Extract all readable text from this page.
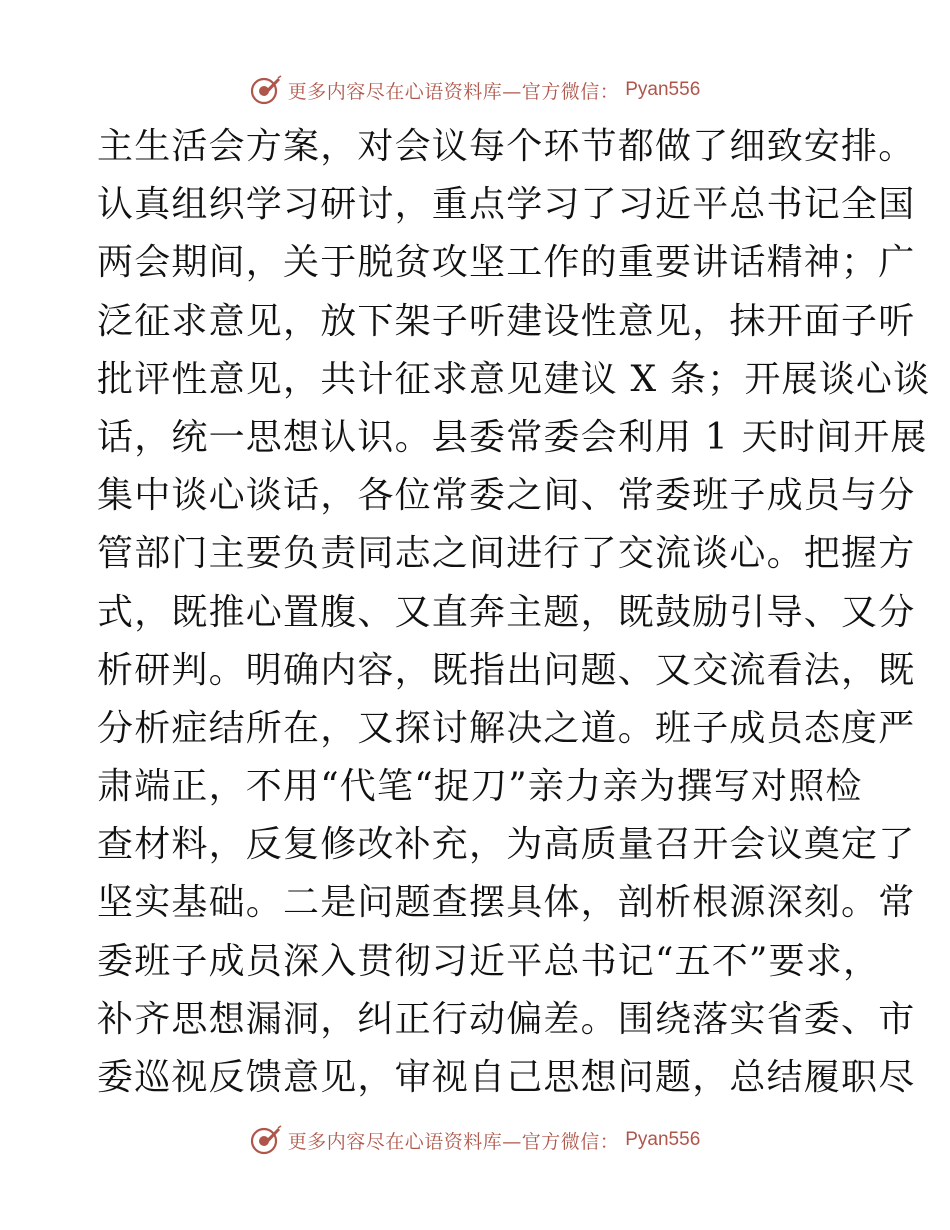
更多内容尽在心语资料库—官方微信： Pyan556
主生活会方案，对会议每个环节都做了细致安排。
认真组织学习研讨，重点学习了习近平总书记全国
两会期间，关于脱贫攻坚工作的重要讲话精神；广
泛征求意见，放下架子听建设性意见，抹开面子听
批评性意见，共计征求意见建议 X 条；开展谈心谈
话，统一思想认识。县委常委会利用 1 天时间开展
集中谈心谈话，各位常委之间、常委班子成员与分
管部门主要负责同志之间进行了交流谈心。把握方
式，既推心置腹、又直奔主题，既鼓励引导、又分
析研判。明确内容，既指出问题、又交流看法，既
分析症结所在，又探讨解决之道。班子成员态度严
肃端正，不用“代笔“捉刀”亲力亲为撰写对照检
查材料，反复修改补充，为高质量召开会议奠定了
坚实基础。二是问题查摆具体，剖析根源深刻。常
委班子成员深入贯彻习近平总书记“五不”要求，
补齐思想漏洞，纠正行动偏差。围绕落实省委、市
委巡视反馈意见，审视自己思想问题，总结履职尽
更多内容尽在心语资料库—官方微信： Pyan556
